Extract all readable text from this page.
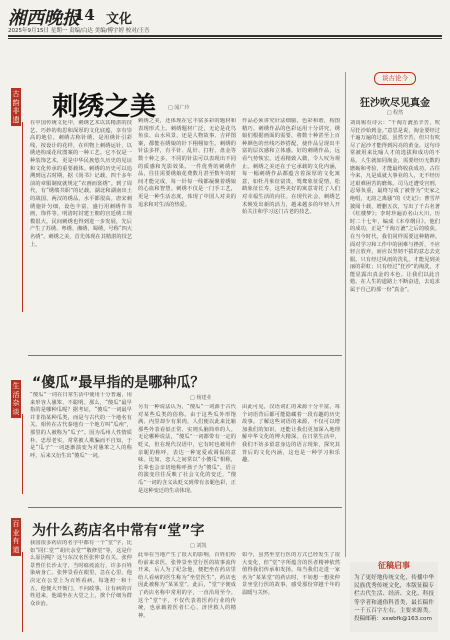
湘西晚报
14 文化
2025年9月15日 星期一 责编/白达 美编/傅宇婷 校对/王吾
古韵非遗
生活杂谈
百业有道
刺绣之美 □ 闻广玲
在中国传统文化中，刺绣艺术以其精湛的技艺、巧妙的构思和深厚的文化底蕴，享有崇高的地位。刺绣古称针绣，是用绣针引彩线，按设计的花样，在织物上刺绣运针，以绣迹构成花纹图案的一种工艺。它不仅是一种装饰艺术，更是中华民族悠久历史的见证和文化传承的重要载体。刺绣的历史可以追溯到远古时期，据《尚书》记载，四千多年前的章服制度就规定“衣画而裳绣”。到了周代，有“绣缋共职”的记载。湖北和湖南出土的战国、两汉的绣品，水平都很高。唐宋刺绣施针匀细，设色丰富，盛行用刺绣作书画，饰件等。明清时封建王朝的宫廷绣工规模很大，民间刺绣也得到进一步发展，先后产生了苏绣、粤绣、湘绣、蜀绣，号称“四大名绣”。刺绣之美，首先体现在其精湛的技艺上。
刺绣之美，还体现在它丰富多彩的题材和表现形式上。刺绣题材广泛，无论是花鸟鱼虫、山水风景，还是人物故事、吉祥图案，都能在绣娘的针下栩栩如生。刺绣的针法多样，有平针、乱针、打籽、盘金等数十种之多，不同的针法可以表现出不同的质感和光影效果。一件优秀的刺绣作品，往往需要绣娘花费数月甚至数年的时间才能完成，每一针每一线都凝聚着绣娘的心血和智慧。刺绣不仅是一门手工艺，更是一种生活态度，体现了中国人对美的追求和对生活的热爱。
作品必须讲究针法细腻，色彩和谐，构图精巧。刺绣作品的色彩运用十分讲究，绣娘们根据画面的需要，将数十种甚至上百种颜色的丝线巧妙搭配，使作品呈现出丰富的层次感和立体感。好的刺绣作品，远看气势恢宏，近看精致入微，令人叹为观止。刺绣之美还在于它承载的文化内涵，每一幅刺绣作品都蕴含着深厚的文化寓意，如牡丹象征富贵，鸳鸯象征爱情，松鹤象征长寿，这些美好的寓意寄托了人们对幸福生活的向往。在现代社会，刺绣艺术焕发出新的活力，越来越多的年轻人开始关注和学习这门古老的技艺。
谈古论今
狂沙吹尽见真金
□ 程然
刘禹锡有诗云：“千淘万漉虽辛苦，吹尽狂沙始到金。”意思是说，淘金要经过千遍万遍的过滤，虽然辛苦，但只有吹尽了泥沙才能得到闪亮的黄金。这句诗常被用来比喻人才的选拔和成功的不易。人生就如同淘金，需要经历无数的磨砺和考验，才能最终收获成功。古往今来，凡是成就大事业的人，无不经历过艰难困苦的磨炼。司马迁遭受宫刑，忍辱负重，最终写成了被誉为“史家之绝唱，无韵之离骚”的《史记》；曹雪芹披阅十载，增删五次，写出了千古名著《红楼梦》；李时珍遍访名山大川，历时二十七年，编成《本草纲目》。他们的成功，正是“千淘万漉”之后的收获。在当今时代，我们同样需要这种精神。面对学习和工作中的困难与挫折，不应轻言放弃，而应以坚韧不拔的意志去克服。只有经过风雨的洗礼，才能见到美丽的彩虹；只有经过“狂沙”的淘洗，才能显露出真金的本色。让我们以此自勉，在人生的道路上不断奋进，去追求属于自己的那一份“真金”。
“傻瓜”最早指的是哪种瓜？
□ 杨建业
“傻瓜”一词在日常生活中使用十分普遍，用来形容人愚笨、不聪明。那么，“傻瓜”最早指的是哪种瓜呢？据考证，“傻瓜”一词最早并非指某种瓜类，而是与古代的一个地名有关。相传在古代秦地有一个地方叫“瓜州”，那里的人被称为“瓜子”。因为瓜州人性情质朴、忠厚老实，常常被人欺骗而不自知，于是“瓜子”一词逐渐演变为对愚笨之人的称呼，后来又衍生出“傻瓜”一词。
另有一种说法认为，“傻瓜”一词源于古代对某些瓜类的俗称。由于这些瓜外形饱满、内里却少有果肉，人们便以此来比喻那些外表看似正常、实则头脑简单的人。无论哪种说法，“傻瓜”一词都带有一定的贬义，但在现代汉语中，它有时也被用作亲昵的称呼，表达一种宠爱或调侃的意味。比如，恋人之间常以“小傻瓜”相称，长辈也会亲切地称呼孩子为“傻瓜”。语言的演变往往反映了社会文化的变迁，“傻瓜”一词的含义从贬义到带有亲昵色彩，正是这种变迁的生动体现。
由此可见，汉语词汇的来源十分丰富，每个词语背后都可能隐藏着一段有趣的历史故事。了解这些词语的来源，不仅可以增加我们的知识，还能让我们更加深入地理解中华文化的博大精深。在日常生活中，我们不妨多留意身边的语言现象，探究其背后的文化内涵，这也是一种学习和乐趣。
为什么药店名中常有“堂”字
□ 刘凯
我国很多药店的名字中都有一个“堂”字，比如“同仁堂”“胡庆余堂”“敬修堂”等，这是什么原因呢？这与东汉名医张仲景有关。张仲景曾任长沙太守，当时瘟疫流行，许多百姓染病身亡。张仲景看在眼里，急在心里，他决定在公堂上为百姓看病。每逢初一和十五，他便大开衙门，不问政事，让有病的百姓进来，他端坐在大堂之上，挨个仔细为群众诊治。
此举在当地产生了很大的影响，百姓们纷纷前来求医。张仲景坐堂行医的故事流传开来，后人为了纪念他，便把坐在药店里给人看病的医生称为“坐堂医生”，药店也因此被称为“某某堂”。此后，“堂”字便成了药店名称中常用的字，一直沿用至今。这个“堂”字，不仅代表着医药行业的传统，也承载着医者仁心、济世救人的精神。
如今，虽然坐堂行医的方式已经发生了很大变化，但“堂”字所蕴含的医者精神依然值得我们传承和发扬。每当我们走进一家名为“某某堂”的药店时，不妨想一想张仲景坐堂行医的故事，感受那份穿越千年的温暖与关怀。
征稿启事
为了更好地传统文化，传播中华民族优秀传统文化，本版征稿专栏古代生活、经济、文化、科技等学者和通俗科普类，最长稿件一千五百字左右，主要来源类。投稿邮箱：xxwbfk@163.com
